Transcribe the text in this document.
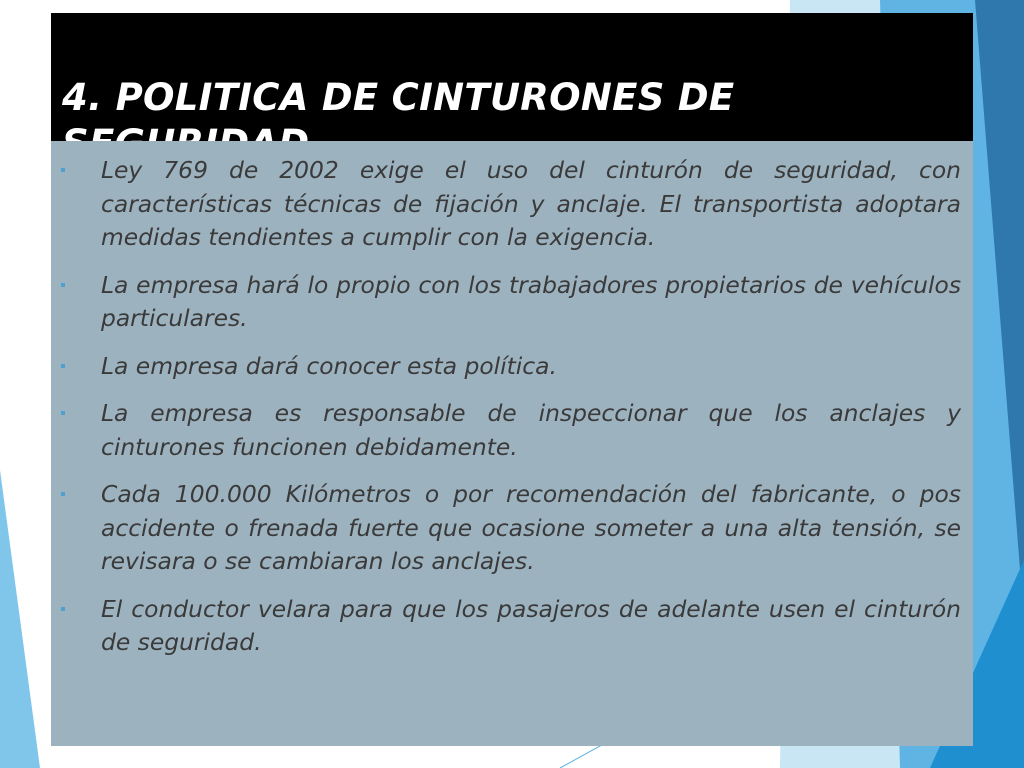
4. POLITICA DE CINTURONES DE
Ley 769 de 2002 exige el uso del cinturón de seguridad, con características técnicas de fijación y anclaje. El transportista adoptara medidas tendientes a cumplir con la exigencia.
La empresa hará lo propio con los trabajadores propietarios de vehículos particulares.
La empresa dará conocer esta política.
La empresa es responsable de inspeccionar que los anclajes y cinturones funcionen debidamente.
Cada 100.000 Kilómetros o por recomendación del fabricante, o pos accidente o frenada fuerte que ocasione someter a una alta tensión, se revisara o se cambiaran los anclajes.
El conductor velara para que los pasajeros de adelante usen el cinturón de seguridad.
